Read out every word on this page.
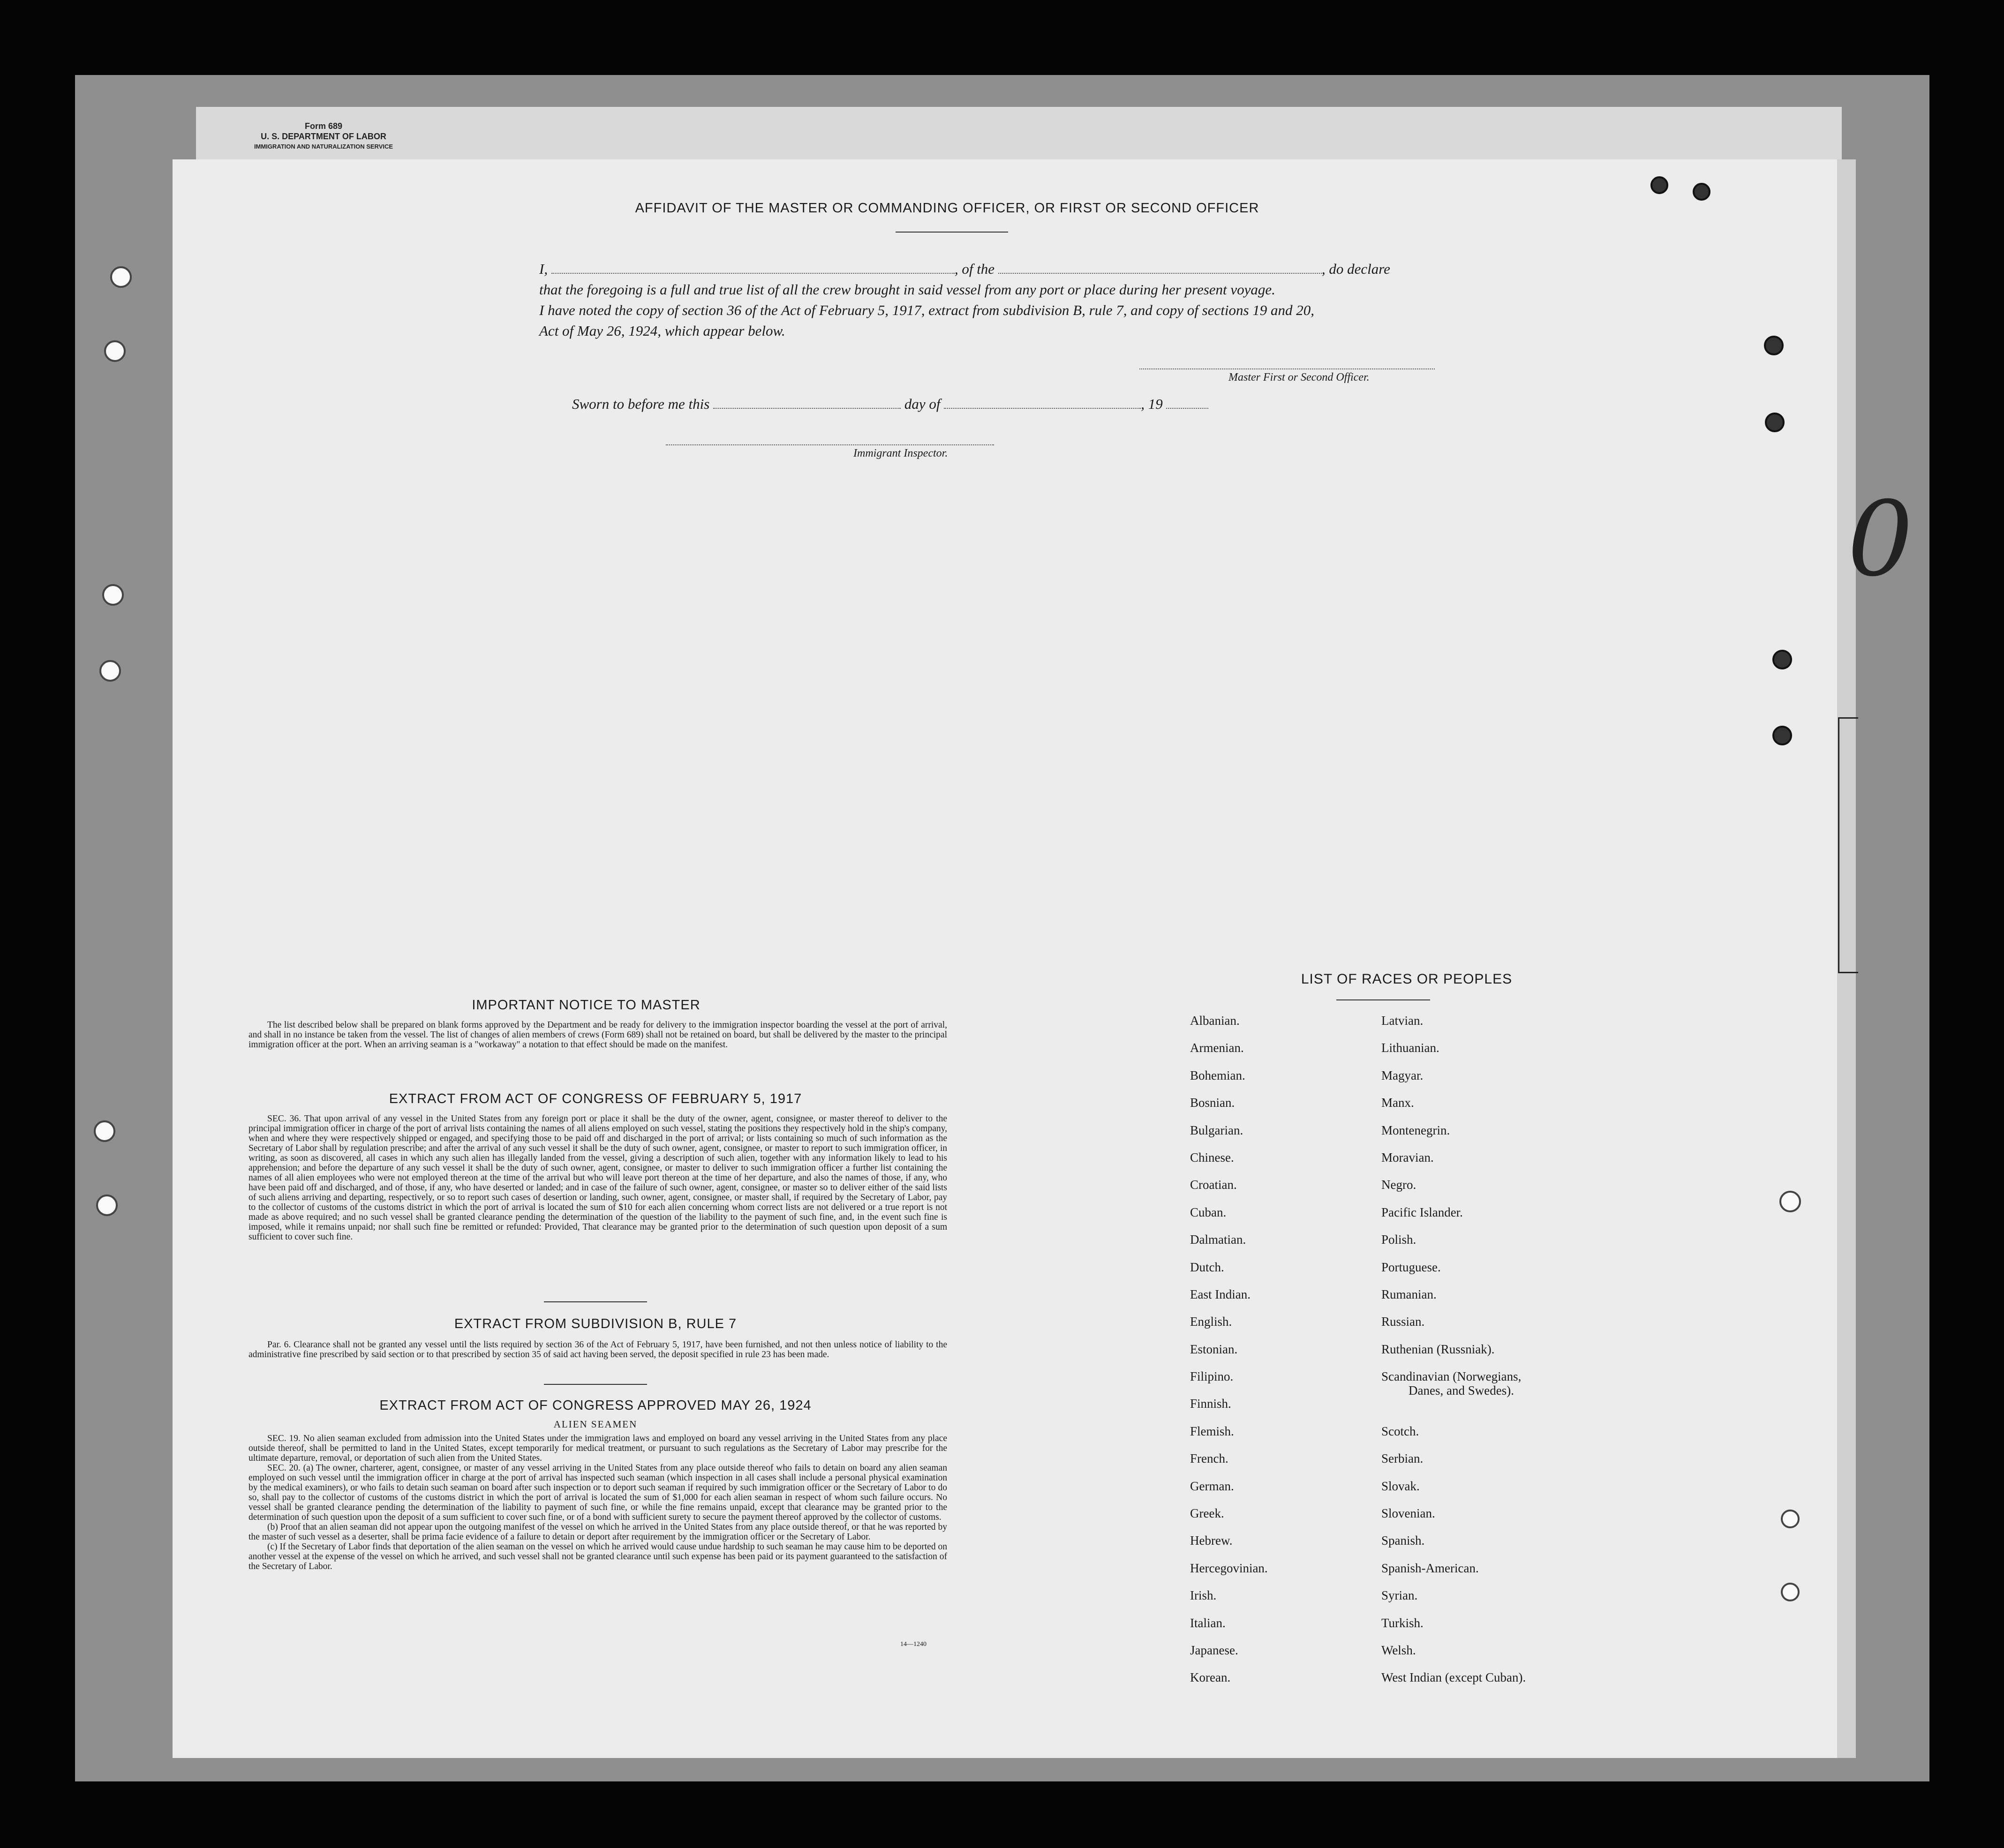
Form 689
U. S. DEPARTMENT OF LABOR
IMMIGRATION AND NATURALIZATION SERVICE
0
AFFIDAVIT OF THE MASTER OR COMMANDING OFFICER, OR FIRST OR SECOND OFFICER
I,	, of the	, do declare
that the foregoing is a full and true list of all the crew brought in said vessel from any port or place during her present voyage.
I have noted the copy of section 36 of the Act of February 5, 1917, extract from subdivision B, rule 7, and copy of sections 19 and 20,
Act of May 26, 1924, which appear below.
Master First or Second Officer.
Sworn to before me this	day of	, 19
Immigrant Inspector.
IMPORTANT NOTICE TO MASTER
The list described below shall be prepared on blank forms approved by the Department and be ready for delivery to the immigration inspector boarding the vessel at the port of arrival, and shall in no instance be taken from the vessel. The list of changes of alien members of crews (Form 689) shall not be retained on board, but shall be delivered by the master to the principal immigration officer at the port. When an arriving seaman is a "workaway" a notation to that effect should be made on the manifest.
EXTRACT FROM ACT OF CONGRESS OF FEBRUARY 5, 1917
SEC. 36. That upon arrival of any vessel in the United States from any foreign port or place it shall be the duty of the owner, agent, consignee, or master thereof to deliver to the principal immigration officer in charge of the port of arrival lists containing the names of all aliens employed on such vessel, stating the positions they respectively hold in the ship's company, when and where they were respectively shipped or engaged, and specifying those to be paid off and discharged in the port of arrival; or lists containing so much of such information as the Secretary of Labor shall by regulation prescribe; and after the arrival of any such vessel it shall be the duty of such owner, agent, consignee, or master to report to such immigration officer, in writing, as soon as discovered, all cases in which any such alien has illegally landed from the vessel, giving a description of such alien, together with any information likely to lead to his apprehension; and before the departure of any such vessel it shall be the duty of such owner, agent, consignee, or master to deliver to such immigration officer a further list containing the names of all alien employees who were not employed thereon at the time of the arrival but who will leave port thereon at the time of her departure, and also the names of those, if any, who have been paid off and discharged, and of those, if any, who have deserted or landed; and in case of the failure of such owner, agent, consignee, or master so to deliver either of the said lists of such aliens arriving and departing, respectively, or so to report such cases of desertion or landing, such owner, agent, consignee, or master shall, if required by the Secretary of Labor, pay to the collector of customs of the customs district in which the port of arrival is located the sum of $10 for each alien concerning whom correct lists are not delivered or a true report is not made as above required; and no such vessel shall be granted clearance pending the determination of the question of the liability to the payment of such fine, and, in the event such fine is imposed, while it remains unpaid; nor shall such fine be remitted or refunded: Provided, That clearance may be granted prior to the determination of such question upon deposit of a sum sufficient to cover such fine.
EXTRACT FROM SUBDIVISION B, RULE 7
Par. 6. Clearance shall not be granted any vessel until the lists required by section 36 of the Act of February 5, 1917, have been furnished, and not then unless notice of liability to the administrative fine prescribed by said section or to that prescribed by section 35 of said act having been served, the deposit specified in rule 23 has been made.
EXTRACT FROM ACT OF CONGRESS APPROVED MAY 26, 1924
ALIEN SEAMEN
SEC. 19. No alien seaman excluded from admission into the United States under the immigration laws and employed on board any vessel arriving in the United States from any place outside thereof, shall be permitted to land in the United States, except temporarily for medical treatment, or pursuant to such regulations as the Secretary of Labor may prescribe for the ultimate departure, removal, or deportation of such alien from the United States.
SEC. 20. (a) The owner, charterer, agent, consignee, or master of any vessel arriving in the United States from any place outside thereof who fails to detain on board any alien seaman employed on such vessel until the immigration officer in charge at the port of arrival has inspected such seaman (which inspection in all cases shall include a personal physical examination by the medical examiners), or who fails to detain such seaman on board after such inspection or to deport such seaman if required by such immigration officer or the Secretary of Labor to do so, shall pay to the collector of customs of the customs district in which the port of arrival is located the sum of $1,000 for each alien seaman in respect of whom such failure occurs. No vessel shall be granted clearance pending the determination of the liability to payment of such fine, or while the fine remains unpaid, except that clearance may be granted prior to the determination of such question upon the deposit of a sum sufficient to cover such fine, or of a bond with sufficient surety to secure the payment thereof approved by the collector of customs.
(b) Proof that an alien seaman did not appear upon the outgoing manifest of the vessel on which he arrived in the United States from any place outside thereof, or that he was reported by the master of such vessel as a deserter, shall be prima facie evidence of a failure to detain or deport after requirement by the immigration officer or the Secretary of Labor.
(c) If the Secretary of Labor finds that deportation of the alien seaman on the vessel on which he arrived would cause undue hardship to such seaman he may cause him to be deported on another vessel at the expense of the vessel on which he arrived, and such vessel shall not be granted clearance until such expense has been paid or its payment guaranteed to the satisfaction of the Secretary of Labor.
14—1240
LIST OF RACES OR PEOPLES
Albanian.
Armenian.
Bohemian.
Bosnian.
Bulgarian.
Chinese.
Croatian.
Cuban.
Dalmatian.
Dutch.
East Indian.
English.
Estonian.
Filipino.
Finnish.
Flemish.
French.
German.
Greek.
Hebrew.
Hercegovinian.
Irish.
Italian.
Japanese.
Korean.
Latvian.
Lithuanian.
Magyar.
Manx.
Montenegrin.
Moravian.
Negro.
Pacific Islander.
Polish.
Portuguese.
Rumanian.
Russian.
Ruthenian (Russniak).
Scandinavian (Norwegians,
Danes, and Swedes).
Scotch.
Serbian.
Slovak.
Slovenian.
Spanish.
Spanish-American.
Syrian.
Turkish.
Welsh.
West Indian (except Cuban).
